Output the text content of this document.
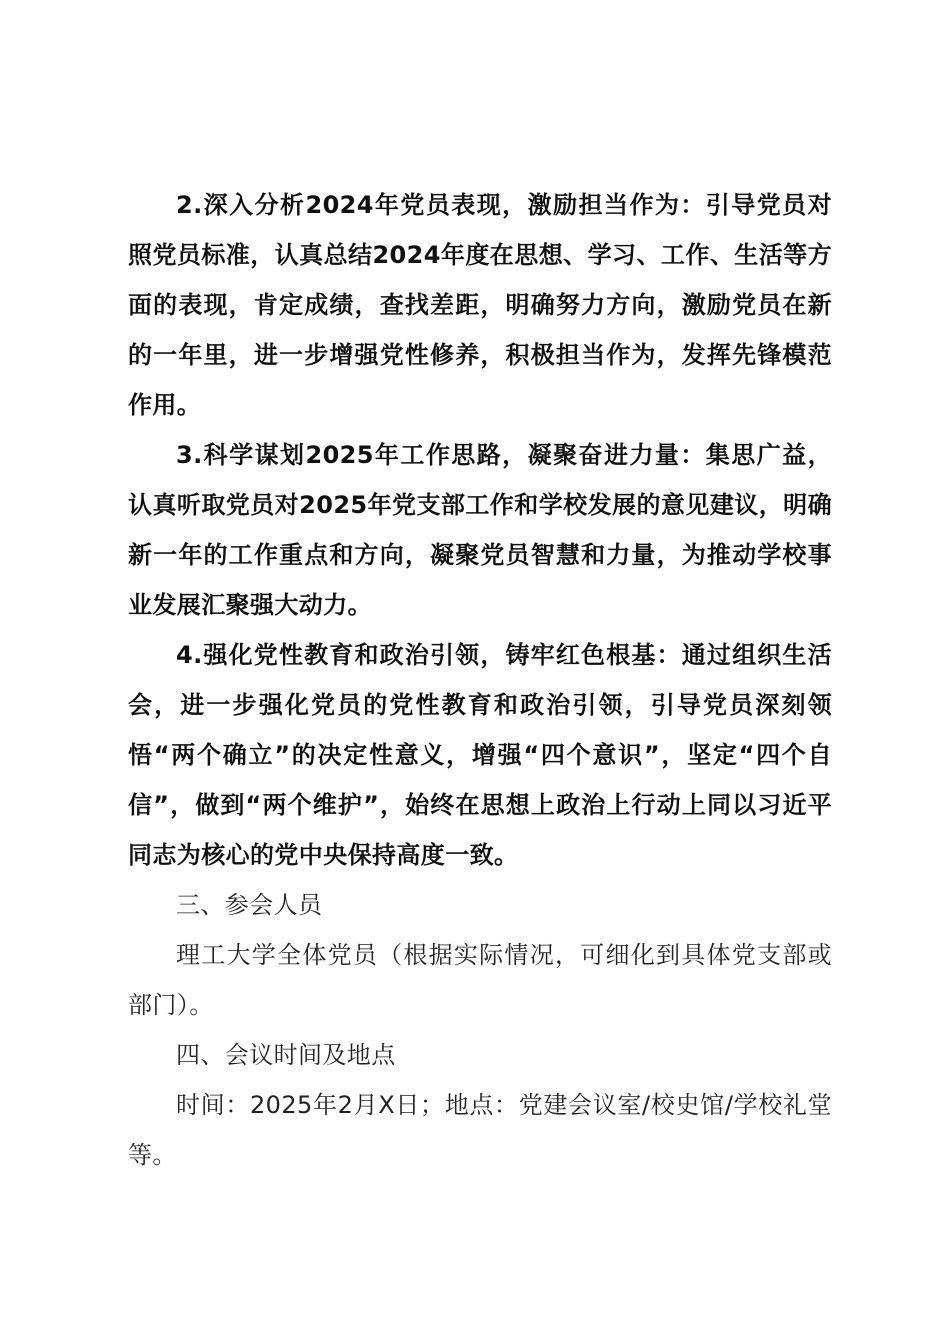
2.深入分析2024年党员表现，激励担当作为：引导党员对照党员标准，认真总结2024年度在思想、学习、工作、生活等方面的表现，肯定成绩，查找差距，明确努力方向，激励党员在新的一年里，进一步增强党性修养，积极担当作为，发挥先锋模范作用。

3.科学谋划2025年工作思路，凝聚奋进力量：集思广益，认真听取党员对2025年党支部工作和学校发展的意见建议，明确新一年的工作重点和方向，凝聚党员智慧和力量，为推动学校事业发展汇聚强大动力。

4.强化党性教育和政治引领，铸牢红色根基：通过组织生活会，进一步强化党员的党性教育和政治引领，引导党员深刻领悟“两个确立”的决定性意义，增强“四个意识”，坚定“四个自信”，做到“两个维护”，始终在思想上政治上行动上同以习近平同志为核心的党中央保持高度一致。

三、参会人员

理工大学全体党员（根据实际情况，可细化到具体党支部或部门）。

四、会议时间及地点

时间：2025年2月X日；地点：党建会议室/校史馆/学校礼堂等。
